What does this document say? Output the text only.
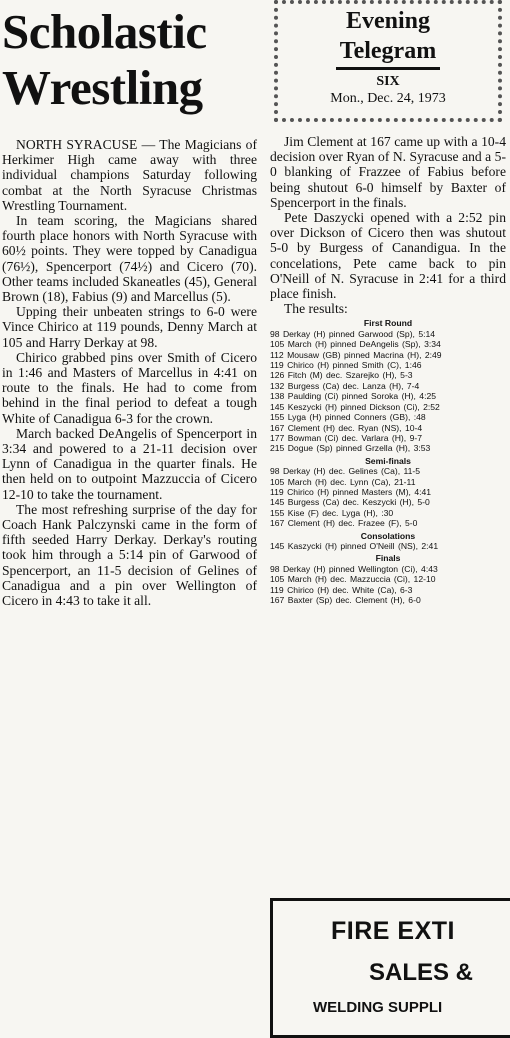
Scholastic
Wrestling
Evening
Telegram
SIX
Mon., Dec. 24, 1973

NORTH SYRACUSE — The Magicians of Herkimer High came away with three individual champions Saturday following combat at the North Syracuse Christmas Wrestling Tournament.

In team scoring, the Magicians shared fourth place honors with North Syracuse with 60½ points. They were topped by Canadigua (76½), Spencerport (74½) and Cicero (70). Other teams included Skaneatles (45), General Brown (18), Fabius (9) and Marcellus (5).

Upping their unbeaten strings to 6-0 were Vince Chirico at 119 pounds, Denny March at 105 and Harry Derkay at 98.

Chirico grabbed pins over Smith of Cicero in 1:46 and Masters of Marcellus in 4:41 on route to the finals. He had to come from behind in the final period to defeat a tough White of Canadigua 6-3 for the crown.

March backed DeAngelis of Spencerport in 3:34 and powered to a 21-11 decision over Lynn of Canadigua in the quarter finals. He then held on to outpoint Mazzuccia of Cicero 12-10 to take the tournament.

The most refreshing surprise of the day for Coach Hank Palczynski came in the form of fifth seeded Harry Derkay. Derkay's routing took him through a 5:14 pin of Garwood of Spencerport, an 11-5 decision of Gelines of Canadigua and a pin over Wellington of Cicero in 4:43 to take it all.

Jim Clement at 167 came up with a 10-4 decision over Ryan of N. Syracuse and a 5-0 blanking of Frazzee of Fabius before being shutout 6-0 himself by Baxter of Spencerport in the finals.

Pete Daszycki opened with a 2:52 pin over Dickson of Cicero then was shutout 5-0 by Burgess of Canandigua. In the concelations, Pete came back to pin O'Neill of N. Syracuse in 2:41 for a third place finish.

The results:

First Round
98 Derkay (H) pinned Garwood (Sp), 5:14
105 March (H) pinned DeAngelis (Sp), 3:34
112 Mousaw (GB) pinned Macrina (H), 2:49
119 Chirico (H) pinned Smith (C), 1:46
126 Fitch (M) dec. Szarejko (H), 5-3
132 Burgess (Ca) dec. Lanza (H), 7-4
138 Paulding (Ci) pinned Soroka (H), 4:25
145 Keszycki (H) pinned Dickson (Ci), 2:52
155 Lyga (H) pinned Conners (GB), :48
167 Clement (H) dec. Ryan (NS), 10-4
177 Bowman (Ci) dec. Varlara (H), 9-7
215 Dogue (Sp) pinned Grzella (H), 3:53
Semi-finals
98 Derkay (H) dec. Gelines (Ca), 11-5
105 March (H) dec. Lynn (Ca), 21-11
119 Chirico (H) pinned Masters (M), 4:41
145 Burgess (Ca) dec. Keszycki (H), 5-0
155 Kise (F) dec. Lyga (H), :30
167 Clement (H) dec. Frazee (F), 5-0
Consolations
145 Kaszycki (H) pinned O'Neill (NS), 2:41
Finals
98 Derkay (H) pinned Wellington (Ci), 4:43
105 March (H) dec. Mazzuccia (Ci), 12-10
119 Chirico (H) dec. White (Ca), 6-3
167 Baxter (Sp) dec. Clement (H), 6-0
FIRE EXTI
SALES &
WELDING SUPPLI
